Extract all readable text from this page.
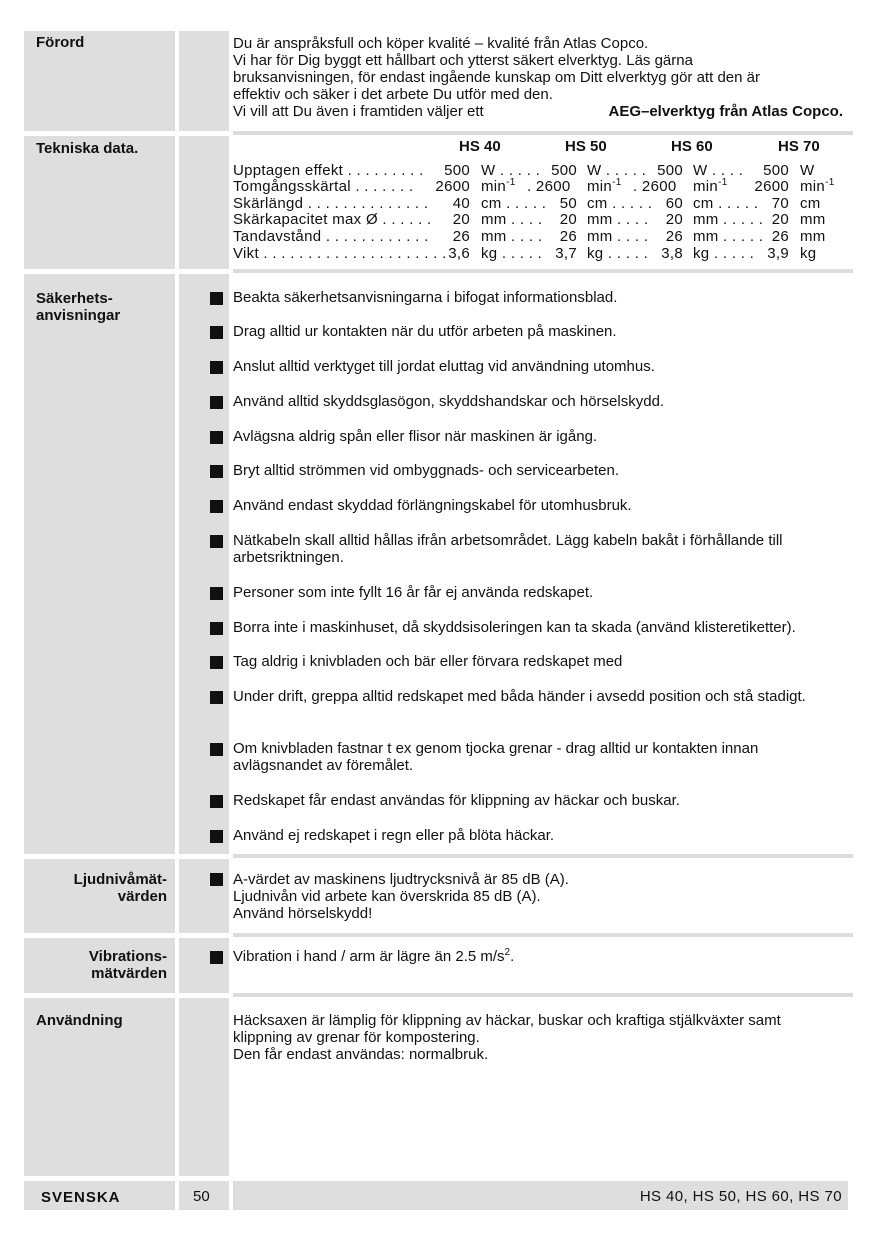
Förord	Du är anspråksfull och köper kvalité – kvalité från Atlas Copco.
Vi har för Dig byggt ett hållbart och ytterst säkert elverktyg. Läs gärna
bruksanvisningen, för endast ingående kunskap om Ditt elverktyg gör att den är
effektiv och säker i det arbete Du utför med den.
Vi vill att Du även i framtiden väljer ett	AEG–elverktyg från Atlas Copco.
Tekniska data.	HS 40	HS 50	HS 60	HS 70
Upptagen effekt . . . . . . . . .	500 W . . . . . 500 W . . . . . 500 W . . . .	500 W
Tomgångsskärtal . . . . . . . 2600 $\min^{-1}$ . 2600 $\min^{-1}$ . 2600 $\min^{-1} 2600$ $\min^{-1}$
Skärlängd . . . . . . . . . . . . . .	40 cm . . . . . 50 cm . . . . . 60 cm . . . . . 70 cm
Skärkapacitet max Ø . . . . . .	20 mm . . . .	20 mm . . . .	20 mm . . . . . 20 mm
Tandavstånd . . . . . . . . . . . .	26 mm . . . .	26 mm . . . .	26 mm . . . . . 26 mm
Vikt . . . . . . . . . . . . . . . . . . . . . 3,6 kg . . . . . 3,7 kg . . . . . 3,8 kg . . . . . 3,9 kg
Säkerhets-
anvisningar
Beakta säkerhetsanvisningarna i bifogat informationsblad.
Drag alltid ur kontakten när du utför arbeten på maskinen.
Anslut alltid verktyget till jordat eluttag vid användning utomhus.
Använd alltid skyddsglasögon, skyddshandskar och hörselskydd.
Avlägsna aldrig spån eller flisor när maskinen är igång.
Bryt alltid strömmen vid ombyggnads- och servicearbeten.
Använd endast skyddad förlängningskabel för utomhusbruk.
Nätkabeln skall alltid hållas ifrån arbetsområdet. Lägg kabeln bakåt i förhållande till arbetsriktningen.
Personer som inte fyllt 16 år får ej använda redskapet.
Borra inte i maskinhuset, då skyddsisoleringen kan ta skada (använd klisteretiketter).
Tag aldrig i knivbladen och bär eller förvara redskapet med
Under drift, greppa alltid redskapet med båda händer i avsedd position och stå stadigt.
Om knivbladen fastnar t ex genom tjocka grenar - drag alltid ur kontakten innan avlägsnandet av föremålet.
Redskapet får endast användas för klippning av häckar och buskar.
Använd ej redskapet i regn eller på blöta häckar.
Ljudnivåmät-
värden
A-värdet av maskinens ljudtrycksnivå är 85 dB (A).
Ljudnivån vid arbete kan överskrida 85 dB (A).
Använd hörselskydd!
Vibrations-
mätvärden
Vibration i hand / arm är lägre än 2.5 $m/s^2$.
Användning	Häcksaxen är lämplig för klippning av häckar, buskar och kraftiga stjälkväxter samt
klippning av grenar för kompostering.
Den får endast användas: normalbruk.
SVENSKA	50	HS 40, HS 50, HS 60, HS 70
